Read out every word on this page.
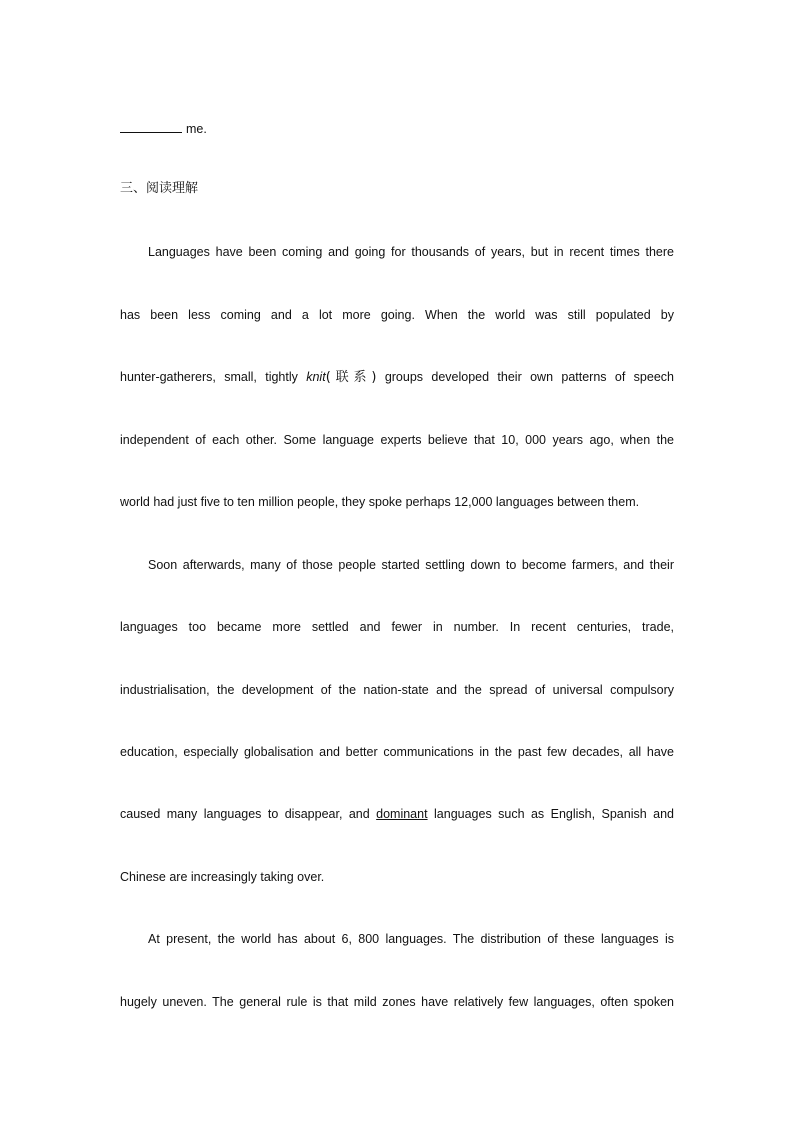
me.
三、阅读理解
Languages have been coming and going for thousands of years, but in recent times there
has been less coming and a lot more going. When the world was still populated by
hunter-gatherers, small, tightly knit(联系) groups developed their own patterns of speech
independent of each other. Some language experts believe that 10, 000 years ago, when the
world had just five to ten million people, they spoke perhaps 12,000 languages between them.
Soon afterwards, many of those people started settling down to become farmers, and their
languages too became more settled and fewer in number. In recent centuries, trade,
industrialisation, the development of the nation-state and the spread of universal compulsory
education, especially globalisation and better communications in the past few decades, all have
caused many languages to disappear, and dominant languages such as English, Spanish and
Chinese are increasingly taking over.
At present, the world has about 6, 800 languages. The distribution of these languages is
hugely uneven. The general rule is that mild zones have relatively few languages, often spoken
